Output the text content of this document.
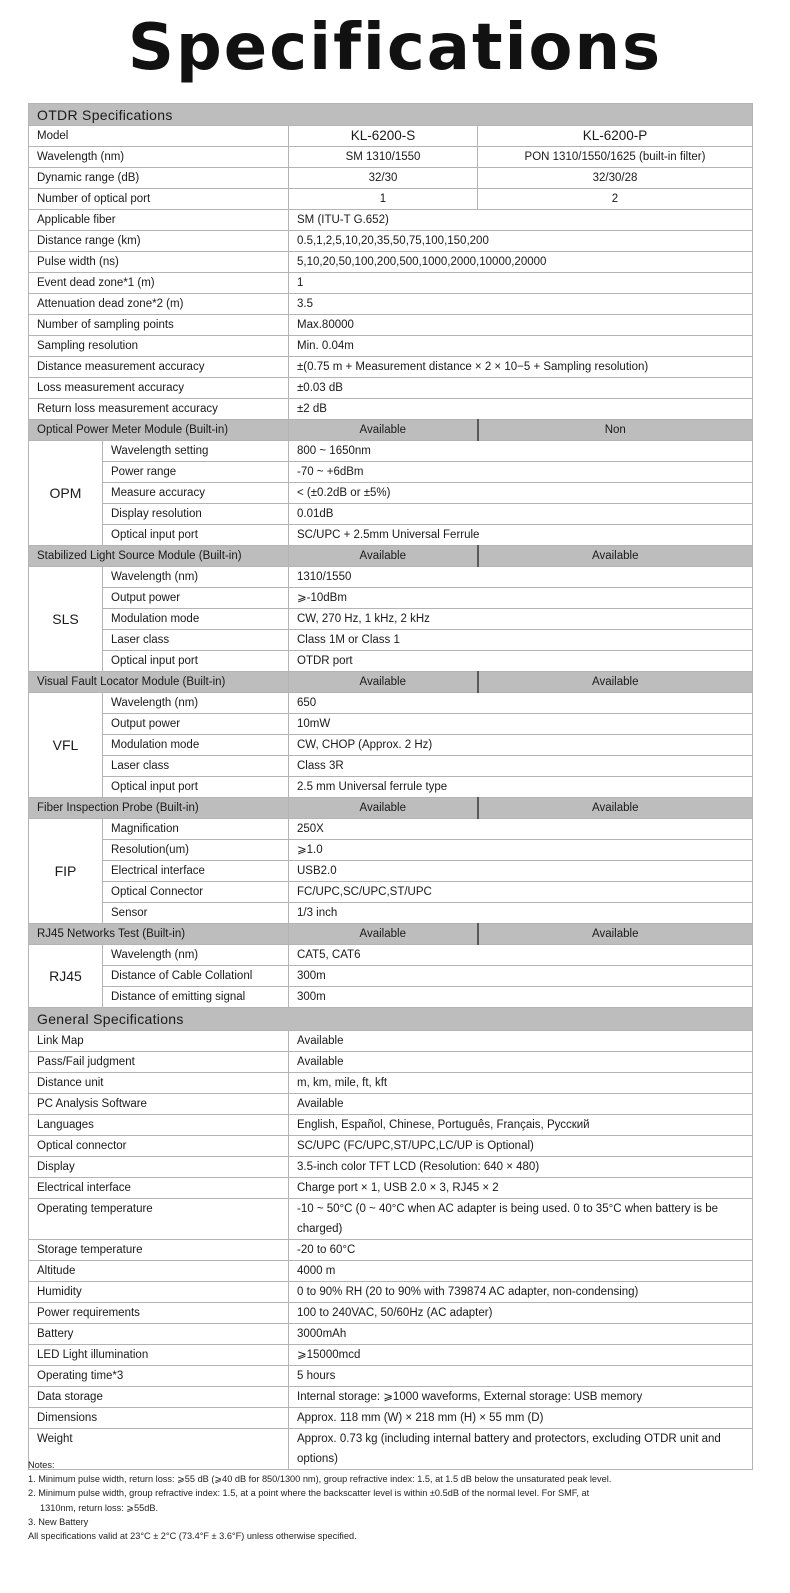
Specifications
OTDR Specifications			
Model		KL-6200-S	KL-6200-P
Wavelength (nm)		SM 1310/1550	PON 1310/1550/1625 (built-in filter)
Dynamic range (dB)		32/30	32/30/28
Number of optical port		1	2
Applicable fiber		SM (ITU-T G.652)	
Distance range (km)		0.5,1,2,5,10,20,35,50,75,100,150,200	
Pulse width (ns)		5,10,20,50,100,200,500,1000,2000,10000,20000	
Event dead zone*1 (m)		1	
Attenuation dead zone*2 (m)		3.5	
Number of sampling points		Max.80000	
Sampling resolution		Min. 0.04m	
Distance measurement accuracy		±(0.75 m + Measurement distance × 2 × 10−5 + Sampling resolution)	
Loss measurement accuracy		±0.03 dB	
Return loss measurement accuracy		±2 dB	
Optical Power Meter Module (Built-in)		Available	Non
OPM	Wavelength setting	800 ~ 1650nm	
	Power range	-70 ~ +6dBm	
	Measure accuracy	< (±0.2dB or ±5%)	
	Display resolution	0.01dB	
	Optical input port	SC/UPC + 2.5mm Universal Ferrule	
Stabilized Light Source Module (Built-in)		Available	Available
SLS	Wavelength (nm)	1310/1550	
	Output power	⩾-10dBm	
	Modulation mode	CW, 270 Hz, 1 kHz, 2 kHz	
	Laser class	Class 1M or Class 1	
	Optical input port	OTDR port	
Visual Fault Locator Module (Built-in)		Available	Available
VFL	Wavelength (nm)	650	
	Output power	10mW	
	Modulation mode	CW, CHOP (Approx. 2 Hz)	
	Laser class	Class 3R	
	Optical input port	2.5 mm Universal ferrule type	
Fiber Inspection Probe (Built-in)		Available	Available
FIP	Magnification	250X	
	Resolution(um)	⩾1.0	
	Electrical interface	USB2.0	
	Optical Connector	FC/UPC,SC/UPC,ST/UPC	
	Sensor	1/3 inch	
RJ45 Networks Test (Built-in)		Available	Available
RJ45	Wavelength (nm)	CAT5, CAT6	
	Distance of Cable Collationl	300m	
	Distance of emitting signal	300m	
General Specifications			
Link Map		Available	
Pass/Fail judgment		Available	
Distance unit		m, km, mile, ft, kft	
PC Analysis Software		Available	
Languages		English, Español, Chinese, Português, Français, Русский	
Optical connector		SC/UPC (FC/UPC,ST/UPC,LC/UP is Optional)	
Display		3.5-inch color TFT LCD (Resolution: 640 × 480)	
Electrical interface		Charge port × 1, USB 2.0 × 3, RJ45 × 2	
Operating temperature		-10 ~ 50°C (0 ~ 40°C when AC adapter is being used. 0 to 35°C when battery is be charged)	
Storage temperature		-20 to 60°C	
Altitude		4000 m	
Humidity		0 to 90% RH (20 to 90% with 739874 AC adapter, non-condensing)	
Power requirements		100 to 240VAC, 50/60Hz (AC adapter)	
Battery		3000mAh	
LED Light illumination		⩾15000mcd	
Operating time*3		5 hours	
Data storage		Internal storage: ⩾1000 waveforms, External storage: USB memory	
Dimensions		Approx. 118 mm (W) × 218 mm (H) × 55 mm (D)	
Weight		Approx. 0.73 kg (including internal battery and protectors, excluding OTDR unit and options)	
Notes:
1. Minimum pulse width, return loss: ⩾55 dB (⩾40 dB for 850/1300 nm), group refractive index: 1.5, at 1.5 dB below the unsaturated peak level.
2. Minimum pulse width, group refractive index: 1.5, at a point where the backscatter level is within ±0.5dB of the normal level. For SMF, at
1310nm, return loss: ⩾55dB.
3. New Battery
All specifications valid at 23°C ± 2°C (73.4°F ± 3.6°F) unless otherwise specified.
